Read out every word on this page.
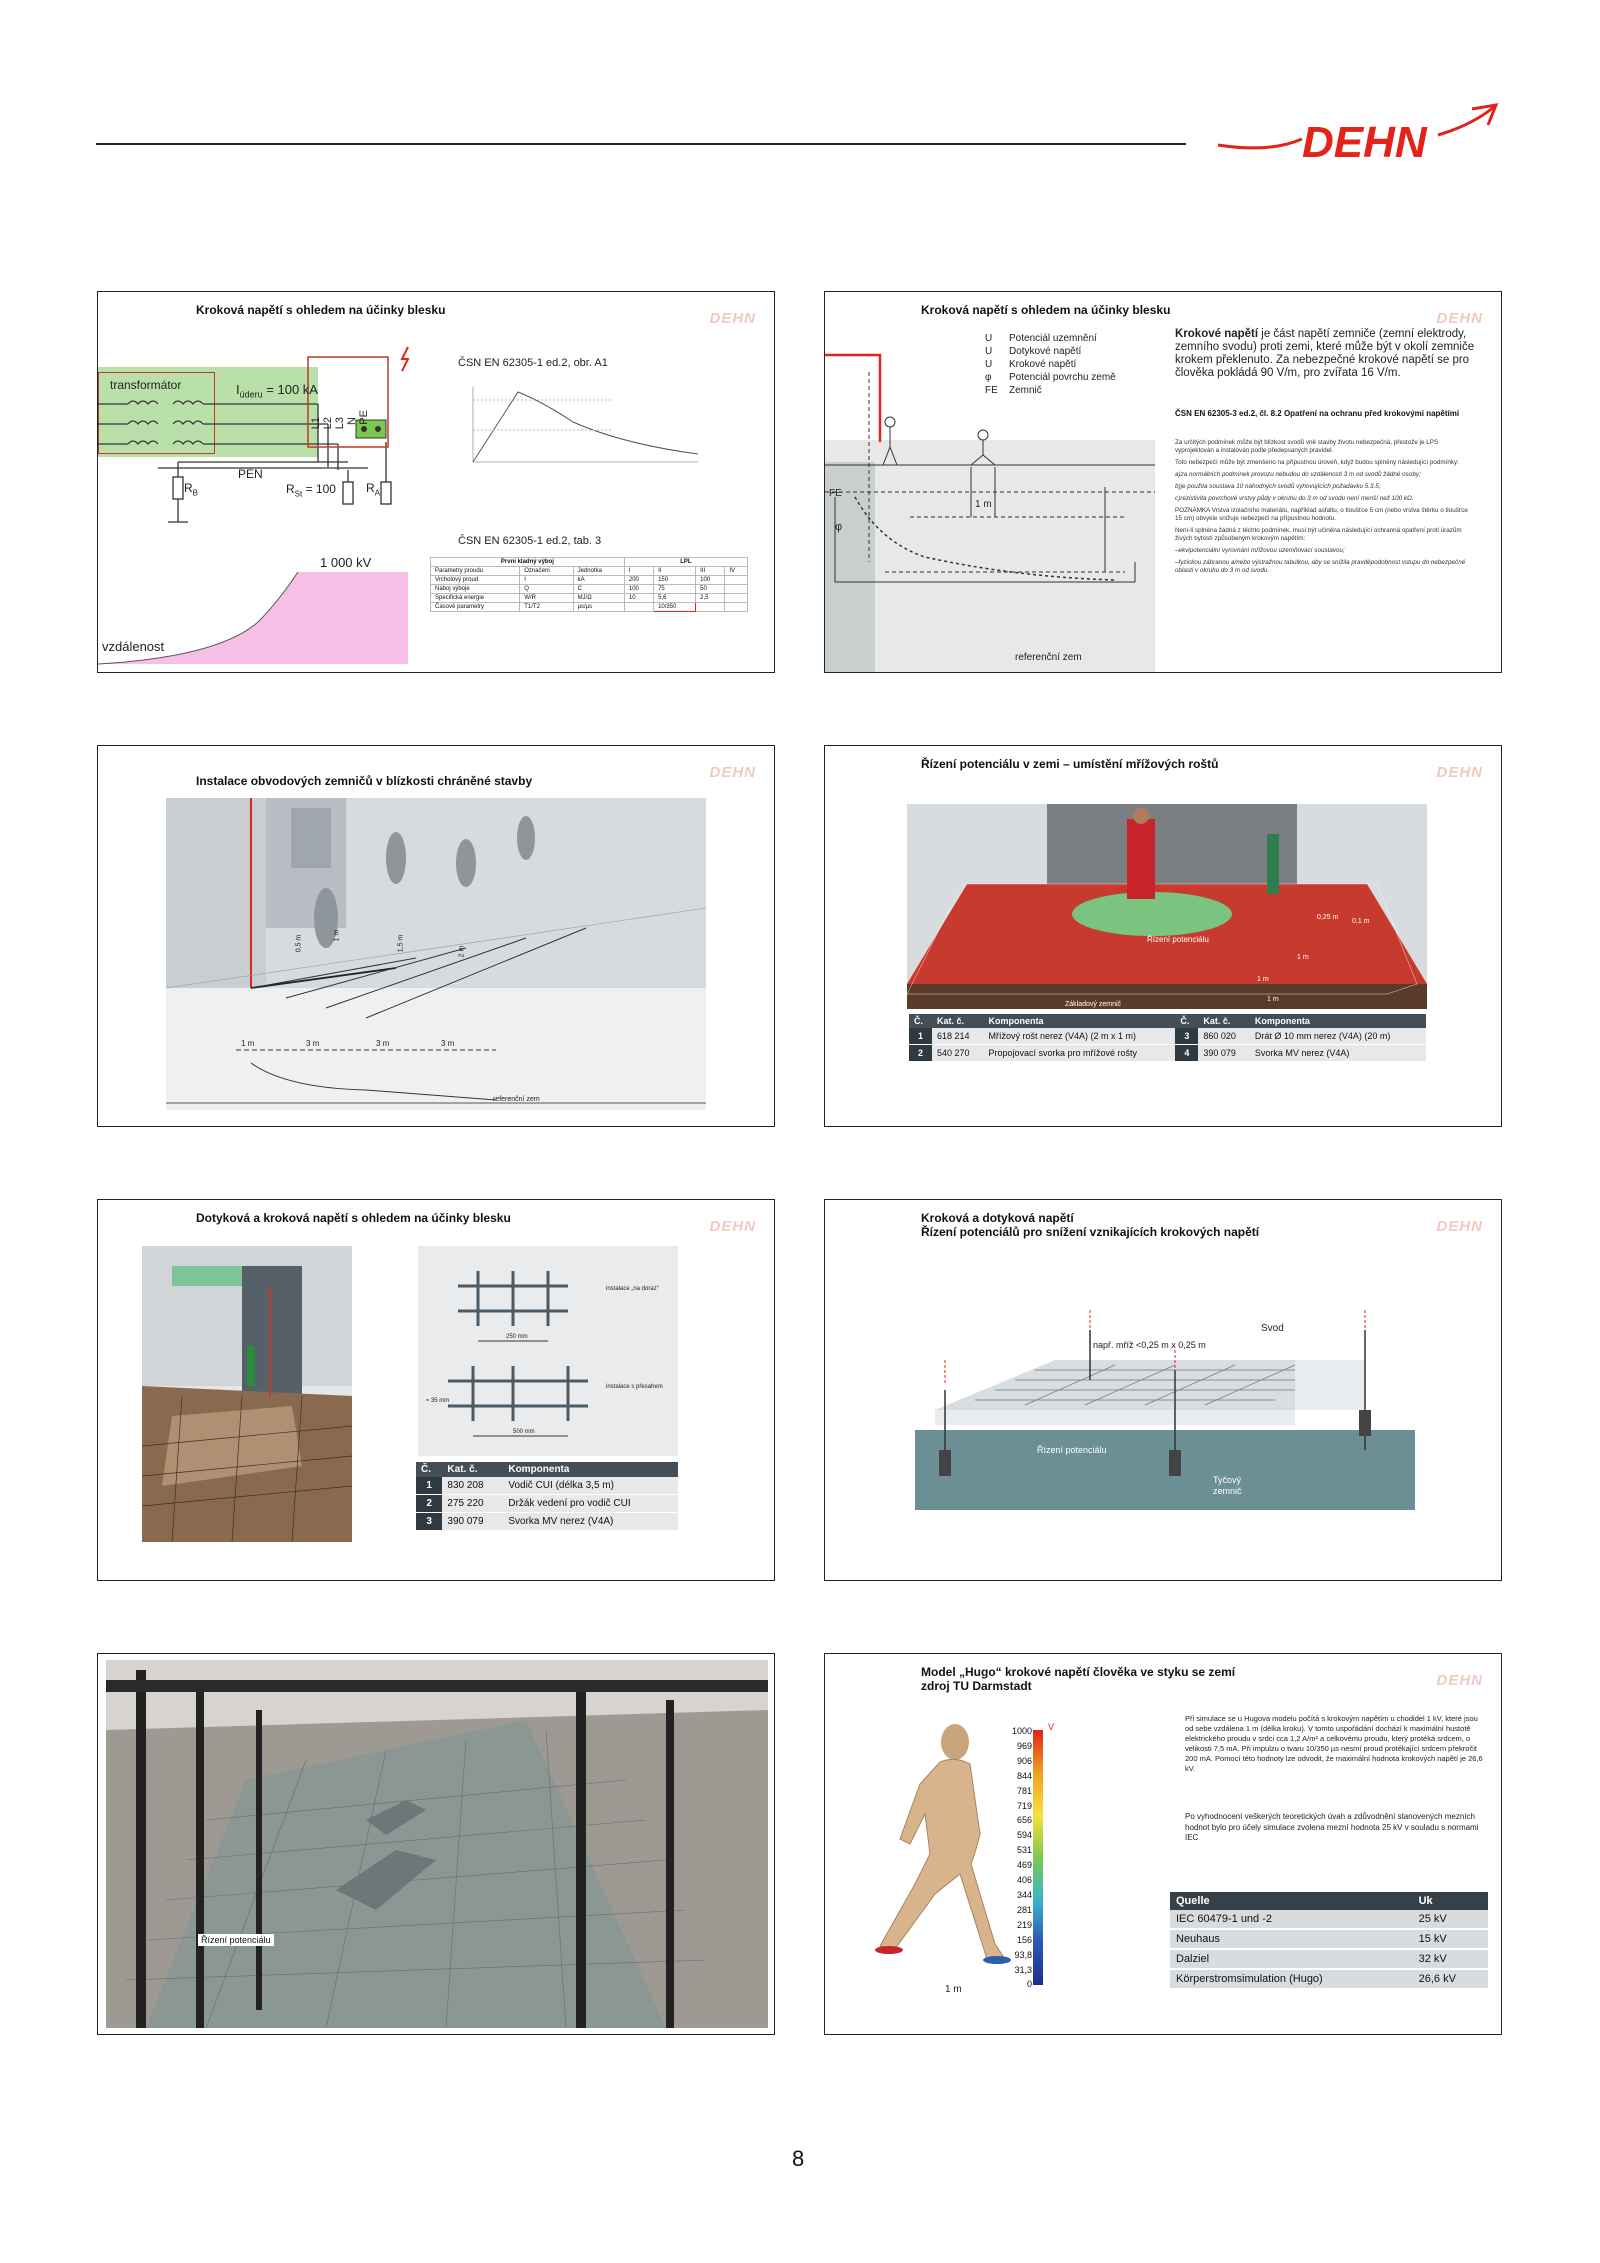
DEHN
Kroková napětí s ohledem na účinky blesku	DEHN
transformátor	$I_{úderu} = 100$ kA
L1 L2 L3 N PE
PEN
$R_B$	$R_{St} = 100$	$R_A$
1 000 kV
vzdálenost
ČSN EN 62305-1 ed.2, obr. A1
ČSN EN 62305-1 ed.2, tab. 3
První kladný výboj			LPL			
Parametry proudu	Označení	Jednotka	I	II	III	IV
Vrcholový proud	I	kA	200	150	100	
Náboj výboje	Q	C	100	75	50	
Specifická energie	W/R	MJ/Ω	10	5,6	2,5	
Časové parametry	T1/T2	µs/µs		10/350		
Kroková napětí s ohledem na účinky blesku	DEHN
U Potenciál uzemnění
U Dotykové napětí
U Krokové napětí
φ Potenciál povrchu země
FE Zemnič
FE
1 m
φ
referenční zem
Krokové napětí je část napětí zemniče (zemní elektrody, zemního svodu) proti zemi, které může být v okolí zemniče krokem překlenuto. Za nebezpečné krokové napětí se pro člověka pokládá 90 V/m, pro zvířata 16 V/m.
ČSN EN 62305-3 ed.2, čl. 8.2 Opatření na ochranu před krokovými napětími
Za určitých podmínek může být blízkost svodů vně stavby životu nebezpečná, přestože je LPS vyprojektován a instalován podle předepsaných pravidel.
Toto nebezpečí může být zmenšeno na přípustnou úroveň, když budou splněny následující podmínky:
a)za normálních podmínek provozu nebudou do vzdálenosti 3 m od svodů žádné osoby;
b)je použita soustava 10 náhodných svodů vyhovujících požadavku 5.3.5;
c)rezistivita povrchové vrstvy půdy v okruhu do 3 m od svodu není menší než 100 kΩ.
POZNÁMKA Vrstva izolačního materiálu, například asfaltu, o tloušťce 5 cm (nebo vrstva štěrku o tloušťce 15 cm) obvykle snižuje nebezpečí na přípustnou hodnotu.
Není-li splněna žádná z těchto podmínek, musí být učiněna následující ochranná opatření proti úrazům živých bytostí způsobeným krokovým napětím:
–ekvipotenciální vyrovnání mřížovou uzemňovací soustavou;
–fyzickou zábranou a/nebo výstražnou tabulkou, aby se snížila pravděpodobnost vstupu do nebezpečné oblasti v okruhu do 3 m od svodu.
Instalace obvodových zemničů v blízkosti chráněné stavby	DEHN
1 m	3 m	3 m	3 m
0,5 m	1 m	1,5 m	2 m
referenční zem
Řízení potenciálu v zemi – umístění mřížových roštů	DEHN
Řízení potenciálu
0,25 m
0,1 m
1 m
1 m
1 m
Základový zemnič
Č.	Kat. č.	Komponenta	Č.	Kat. č.	Komponenta
1	618 214	Mřížový rošt nerez (V4A) (2 m x 1 m)	3	860 020	Drát Ø 10 mm nerez (V4A) (20 m)
2	540 270	Propojovací svorka pro mřížové rošty	4	390 079	Svorka MV nerez (V4A)
Dotyková a kroková napětí s ohledem na účinky blesku	DEHN
250 mm
500 mm
≈ 35 mm
instalace „na doraz“
instalace s přesahem
Č.	Kat. č.	Komponenta
1	830 208	Vodič CUI (délka 3,5 m)
2	275 220	Držák vedení pro vodič CUI
3	390 079	Svorka MV nerez (V4A)
Kroková a dotyková napětí
Řízení potenciálů pro snížení vznikajících krokových napětí	DEHN
Svod
např. mříž <0,25 m x 0,25 m
Řízení potenciálu
Tyčový
zemnič
Řízení potenciálu
Model „Hugo“ krokové napětí člověka ve styku se zemí
zdroj TU Darmstadt	DEHN
1 m
V
1000
969
906
844
781
719
656
594
531
469
406
344
281
219
156
93,8
31,3
0
Při simulace se u Hugova modelu počítá s krokovým napětím u chodidel 1 kV, které jsou od sebe vzdálena 1 m (délka kroku). V tomto uspořádání dochází k maximální hustotě elektrického proudu v srdci cca 1,2 A/m² a celkovému proudu, který protéká srdcem, o velikosti 7,5 mA. Při impulzu o tvaru 10/350 µs nesmí proud protékající srdcem překročit 200 mA. Pomocí této hodnoty lze odvodit, že maximální hodnota krokových napětí je 26,6 kV.
Po vyhodnocení veškerých teoretických úvah a zdůvodnění stanovených mezních hodnot bylo pro účely simulace zvolena mezní hodnota 25 kV v souladu s normami IEC
Quelle	Uk
IEC 60479-1 und -2	25 kV
Neuhaus	15 kV
Dalziel	32 kV
Körperstromsimulation (Hugo)	26,6 kV
8
